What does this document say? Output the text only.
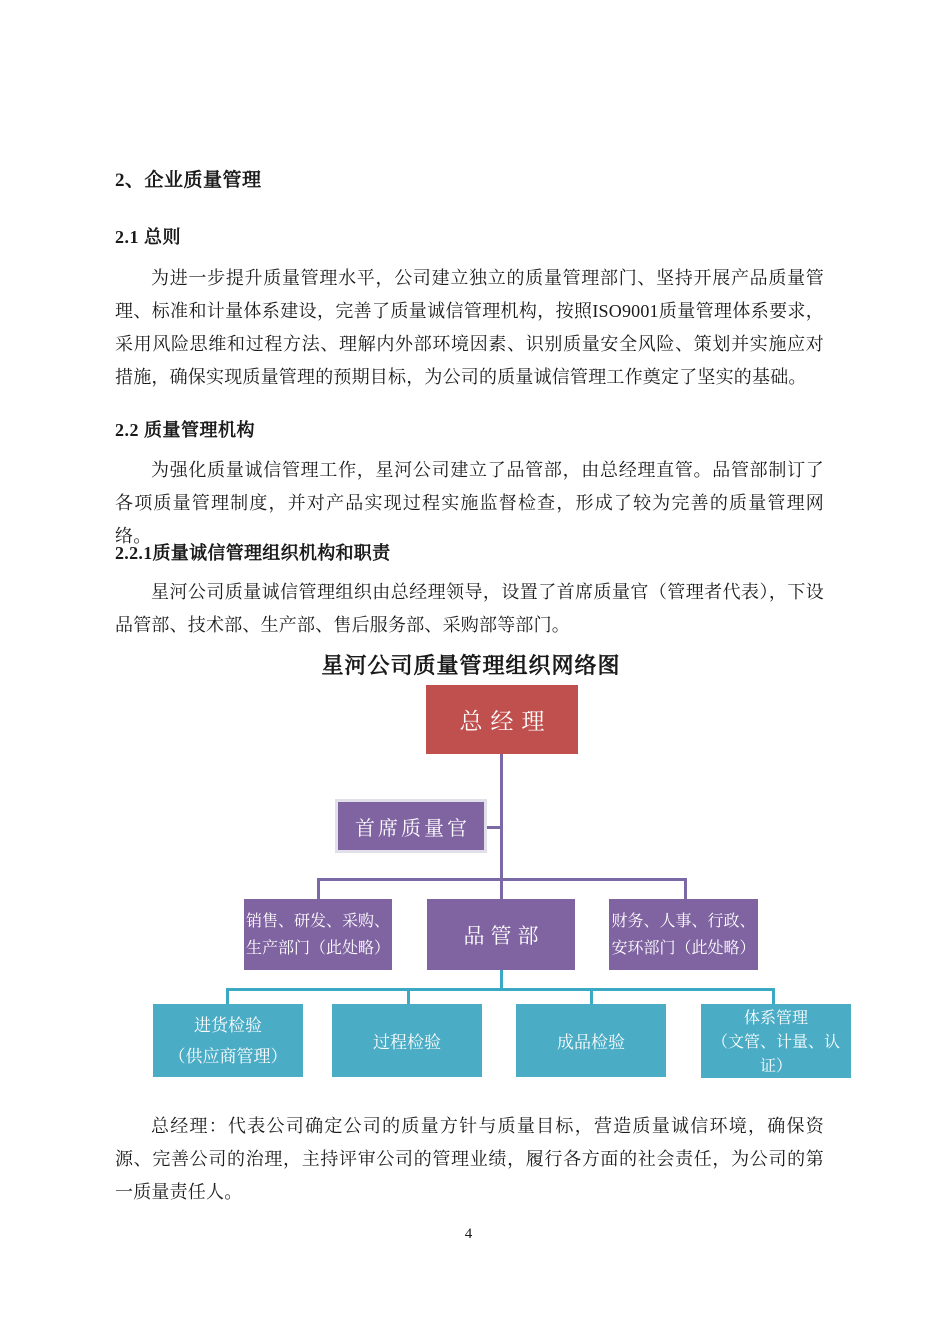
2、企业质量管理
2.1 总则

为进一步提升质量管理水平，公司建立独立的质量管理部门、坚持开展产品质量管理、标准和计量体系建设，完善了质量诚信管理机构，按照ISO9001质量管理体系要求，采用风险思维和过程方法、理解内外部环境因素、识别质量安全风险、策划并实施应对措施，确保实现质量管理的预期目标，为公司的质量诚信管理工作奠定了坚实的基础。

2.2 质量管理机构

为强化质量诚信管理工作，星河公司建立了品管部，由总经理直管。品管部制订了各项质量管理制度，并对产品实现过程实施监督检查，形成了较为完善的质量管理网络。

2.2.1质量诚信管理组织机构和职责

星河公司质量诚信管理组织由总经理领导，设置了首席质量官（管理者代表），下设品管部、技术部、生产部、售后服务部、采购部等部门。

星河公司质量管理组织网络图
总经理
首席质量官
销售、研发、采购、生产部门（此处略）
品管部
财务、人事、行政、安环部门（此处略）
进货检验
（供应商管理）
过程检验	成品检验
体系管理
（文管、计量、认证）

总经理：代表公司确定公司的质量方针与质量目标，营造质量诚信环境，确保资源、完善公司的治理，主持评审公司的管理业绩，履行各方面的社会责任，为公司的第一质量责任人。

4
